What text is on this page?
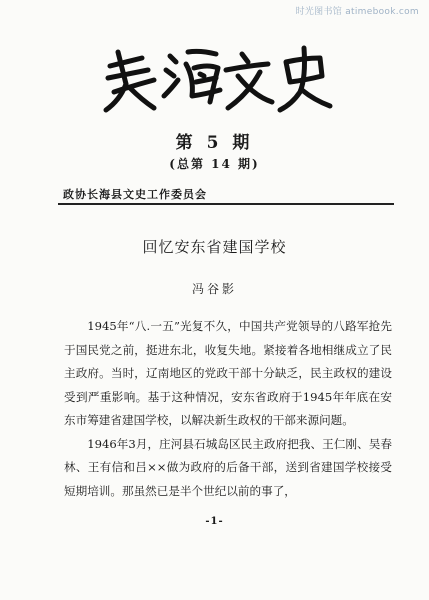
时光图书馆 atimebook.com
第 5 期
(总第 14 期)
政协长海县文史工作委员会
回忆安东省建国学校
冯谷影

1945年“八.一五”光复不久，中国共产党领导的八路军抢先于国民党之前，挺进东北，收复失地。紧接着各地相继成立了民主政府。当时，辽南地区的党政干部十分缺乏，民主政权的建设受到严重影响。基于这种情况，安东省政府于1945年年底在安东市筹建省建国学校，以解决新生政权的干部来源问题。

1946年3月，庄河县石城岛区民主政府把我、王仁刚、吴春林、王有信和吕××做为政府的后备干部，送到省建国学校接受短期培训。那虽然已是半个世纪以前的事了，

-1-
